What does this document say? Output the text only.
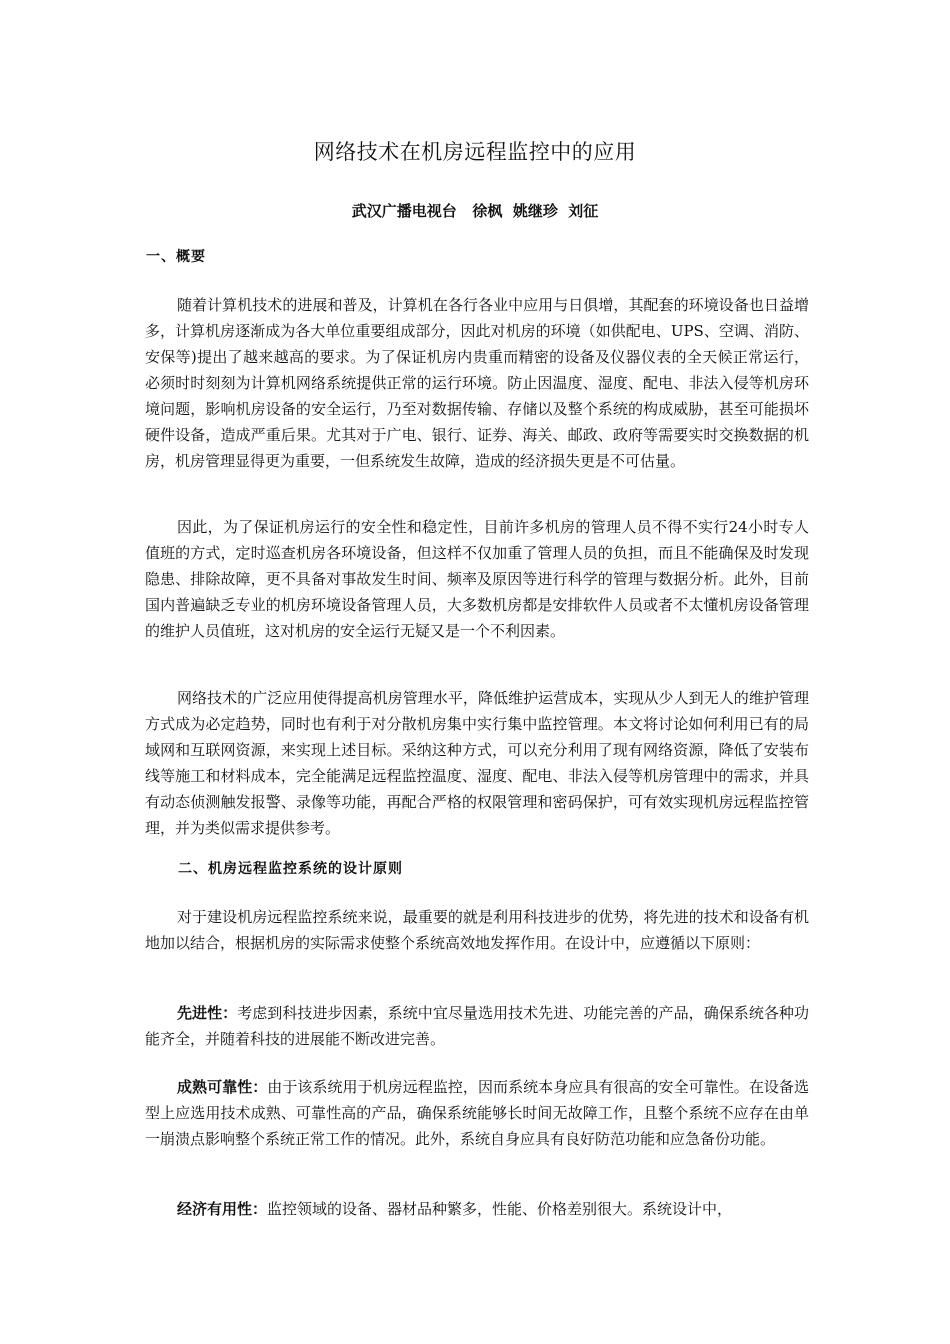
网络技术在机房远程监控中的应用
武汉广播电视台   徐枫  姚继珍  刘征
一、概要

随着计算机技术的进展和普及，计算机在各行各业中应用与日俱增，其配套的环境设备也日益增多，计算机房逐渐成为各大单位重要组成部分，因此对机房的环境（如供配电、UPS、空调、消防、安保等)提出了越来越高的要求。为了保证机房内贵重而精密的设备及仪器仪表的全天候正常运行，必须时时刻刻为计算机网络系统提供正常的运行环境。防止因温度、湿度、配电、非法入侵等机房环境问题，影响机房设备的安全运行，乃至对数据传输、存储以及整个系统的构成威胁，甚至可能损坏硬件设备，造成严重后果。尤其对于广电、银行、证券、海关、邮政、政府等需要实时交换数据的机房，机房管理显得更为重要，一但系统发生故障，造成的经济损失更是不可估量。

因此，为了保证机房运行的安全性和稳定性，目前许多机房的管理人员不得不实行24小时专人值班的方式，定时巡查机房各环境设备，但这样不仅加重了管理人员的负担，而且不能确保及时发现隐患、排除故障，更不具备对事故发生时间、频率及原因等进行科学的管理与数据分析。此外，目前国内普遍缺乏专业的机房环境设备管理人员，大多数机房都是安排软件人员或者不太懂机房设备管理的维护人员值班，这对机房的安全运行无疑又是一个不利因素。

网络技术的广泛应用使得提高机房管理水平，降低维护运营成本，实现从少人到无人的维护管理方式成为必定趋势，同时也有利于对分散机房集中实行集中监控管理。本文将讨论如何利用已有的局域网和互联网资源，来实现上述目标。采纳这种方式，可以充分利用了现有网络资源，降低了安装布线等施工和材料成本，完全能满足远程监控温度、湿度、配电、非法入侵等机房管理中的需求，并具有动态侦测触发报警、录像等功能，再配合严格的权限管理和密码保护，可有效实现机房远程监控管理，并为类似需求提供参考。

二、机房远程监控系统的设计原则

对于建设机房远程监控系统来说，最重要的就是利用科技进步的优势，将先进的技术和设备有机地加以结合，根据机房的实际需求使整个系统高效地发挥作用。在设计中，应遵循以下原则：

先进性：考虑到科技进步因素，系统中宜尽量选用技术先进、功能完善的产品，确保系统各种功能齐全，并随着科技的进展能不断改进完善。

成熟可靠性：由于该系统用于机房远程监控，因而系统本身应具有很高的安全可靠性。在设备选型上应选用技术成熟、可靠性高的产品，确保系统能够长时间无故障工作，且整个系统不应存在由单一崩溃点影响整个系统正常工作的情况。此外，系统自身应具有良好防范功能和应急备份功能。

经济有用性：监控领域的设备、器材品种繁多，性能、价格差别很大。系统设计中，
